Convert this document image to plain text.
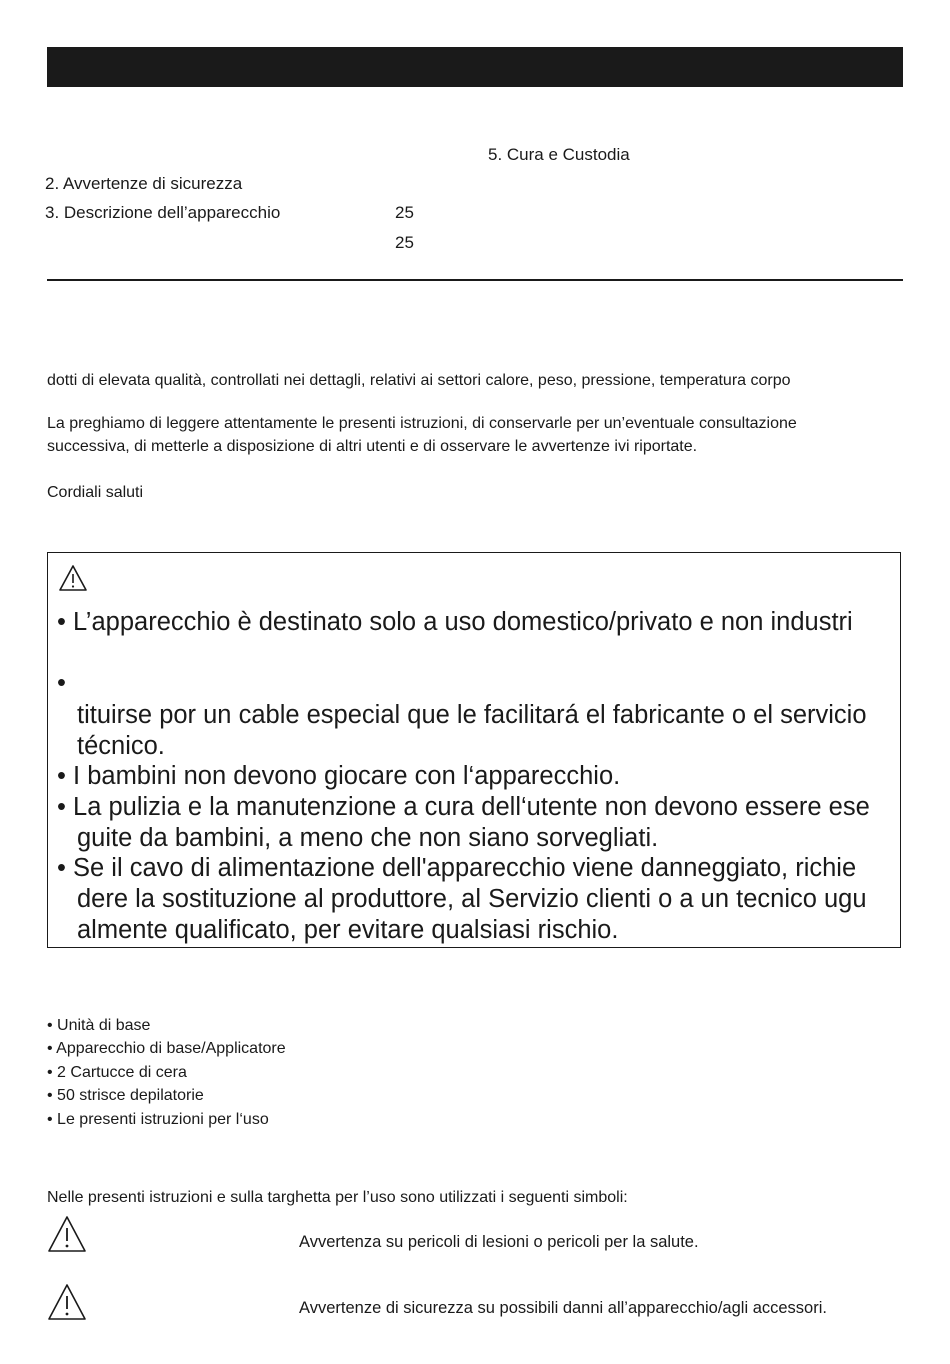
5. Cura e Custodia
2. Avvertenze di sicurezza
3. Descrizione dell’apparecchio	25
25
dotti di elevata qualità, controllati nei dettagli, relativi ai settori calore, peso, pressione, temperatura corpo
La preghiamo di leggere attentamente le presenti istruzioni, di conservarle per un’eventuale consultazione
successiva, di metterle a disposizione di altri utenti e di osservare le avvertenze ivi riportate.
Cordiali saluti
• L’apparecchio è destinato solo a uso domestico/privato e non industri
•
tituirse por un cable especial que le facilitará el fabricante o el servicio
técnico.
• I bambini non devono giocare con l‘apparecchio.
• La pulizia e la manutenzione a cura dell‘utente non devono essere ese
guite da bambini, a meno che non siano sorvegliati.
• Se il cavo di alimentazione dell'apparecchio viene danneggiato, richie
dere la sostituzione al produttore, al Servizio clienti o a un tecnico ugu
almente qualificato, per evitare qualsiasi rischio.
• Unità di base
• Apparecchio di base/Applicatore
• 2 Cartucce di cera
• 50 strisce depilatorie
• Le presenti istruzioni per l‘uso
Nelle presenti istruzioni e sulla targhetta per l’uso sono utilizzati i seguenti simboli:
Avvertenza su pericoli di lesioni o pericoli per la salute.
Avvertenze di sicurezza su possibili danni all’apparecchio/agli accessori.
